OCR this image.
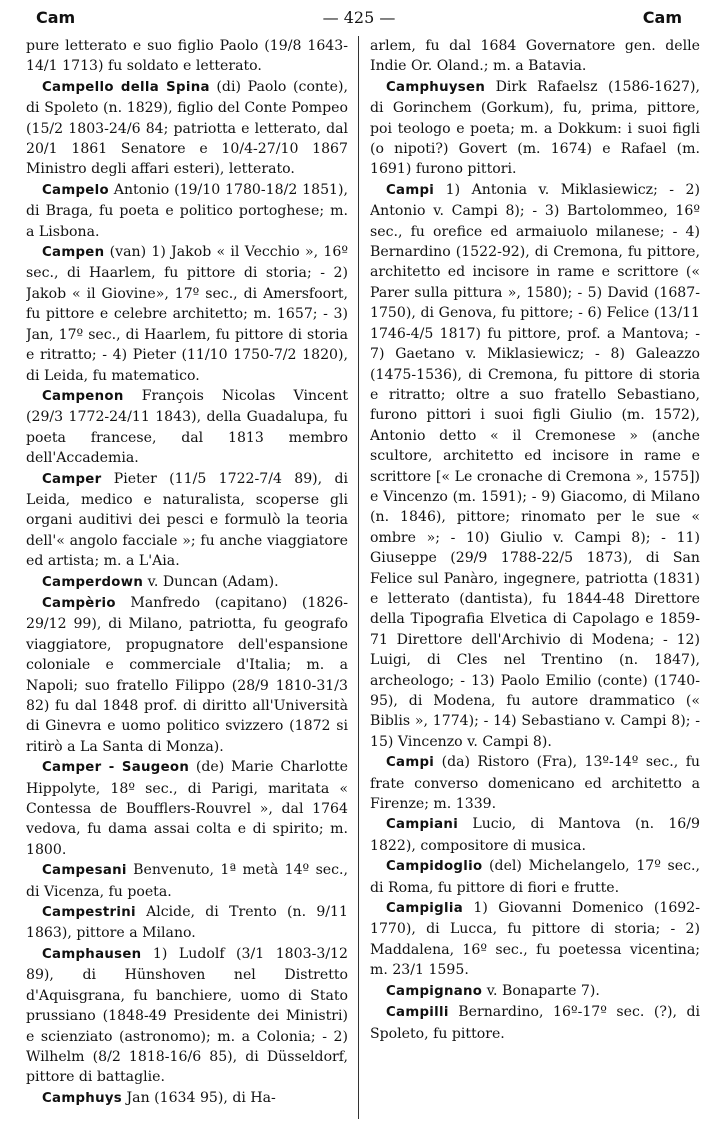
Cam	— 425 —	Cam

pure letterato e suo figlio Paolo (19/8 1643-14/1 1713) fu soldato e letterato.

Campello della Spina (di) Paolo (conte), di Spoleto (n. 1829), figlio del Conte Pompeo (15/2 1803-24/6 84; patriotta e letterato, dal 20/1 1861 Senatore e 10/4-27/10 1867 Ministro degli affari esteri), letterato.

Campelo Antonio (19/10 1780-18/2 1851), di Braga, fu poeta e politico portoghese; m. a Lisbona.

Campen (van) 1) Jakob « il Vecchio », 16º sec., di Haarlem, fu pittore di storia; - 2) Jakob « il Giovine», 17º sec., di Amersfoort, fu pittore e celebre architetto; m. 1657; - 3) Jan, 17º sec., di Haarlem, fu pittore di storia e ritratto; - 4) Pieter (11/10 1750-7/2 1820), di Leida, fu matematico.

Campenon François Nicolas Vincent (29/3 1772-24/11 1843), della Guadalupa, fu poeta francese, dal 1813 membro dell'Accademia.

Camper Pieter (11/5 1722-7/4 89), di Leida, medico e naturalista, scoperse gli organi auditivi dei pesci e formulò la teoria dell'« angolo facciale »; fu anche viaggiatore ed artista; m. a L'Aia.

Camperdown v. Duncan (Adam).

Campèrio Manfredo (capitano) (1826-29/12 99), di Milano, patriotta, fu geografo viaggiatore, propugnatore dell'espansione coloniale e commerciale d'Italia; m. a Napoli; suo fratello Filippo (28/9 1810-31/3 82) fu dal 1848 prof. di diritto all'Università di Ginevra e uomo politico svizzero (1872 si ritirò a La Santa di Monza).

Camper - Saugeon (de) Marie Charlotte Hippolyte, 18º sec., di Parigi, maritata « Contessa de Boufflers-Rouvrel », dal 1764 vedova, fu dama assai colta e di spirito; m. 1800.

Campesani Benvenuto, 1ª metà 14º sec., di Vicenza, fu poeta.

Campestrini Alcide, di Trento (n. 9/11 1863), pittore a Milano.

Camphausen 1) Ludolf (3/1 1803-3/12 89), di Hünshoven nel Distretto d'Aquisgrana, fu banchiere, uomo di Stato prussiano (1848-49 Presidente dei Ministri) e scienziato (astronomo); m. a Colonia; - 2) Wilhelm (8/2 1818-16/6 85), di Düsseldorf, pittore di battaglie.

Camphuys Jan (1634 95), di Ha-

arlem, fu dal 1684 Governatore gen. delle Indie Or. Oland.; m. a Batavia.

Camphuysen Dirk Rafaelsz (1586-1627), di Gorinchem (Gorkum), fu, prima, pittore, poi teologo e poeta; m. a Dokkum: i suoi figli (o nipoti?) Govert (m. 1674) e Rafael (m. 1691) furono pittori.

Campi 1) Antonia v. Miklasiewicz; - 2) Antonio v. Campi 8); - 3) Bartolommeo, 16º sec., fu orefice ed armaiuolo milanese; - 4) Bernardino (1522-92), di Cremona, fu pittore, architetto ed incisore in rame e scrittore (« Parer sulla pittura », 1580); - 5) David (1687-1750), di Genova, fu pittore; - 6) Felice (13/11 1746-4/5 1817) fu pittore, prof. a Mantova; - 7) Gaetano v. Miklasiewicz; - 8) Galeazzo (1475-1536), di Cremona, fu pittore di storia e ritratto; oltre a suo fratello Sebastiano, furono pittori i suoi figli Giulio (m. 1572), Antonio detto « il Cremonese » (anche scultore, architetto ed incisore in rame e scrittore [« Le cronache di Cremona », 1575]) e Vincenzo (m. 1591); - 9) Giacomo, di Milano (n. 1846), pittore; rinomato per le sue « ombre »; - 10) Giulio v. Campi 8); - 11) Giuseppe (29/9 1788-22/5 1873), di San Felice sul Panàro, ingegnere, patriotta (1831) e letterato (dantista), fu 1844-48 Direttore della Tipografia Elvetica di Capolago e 1859-71 Direttore dell'Archivio di Modena; - 12) Luigi, di Cles nel Trentino (n. 1847), archeologo; - 13) Paolo Emilio (conte) (1740-95), di Modena, fu autore drammatico (« Biblis », 1774); - 14) Sebastiano v. Campi 8); - 15) Vincenzo v. Campi 8).

Campi (da) Ristoro (Fra), 13º-14º sec., fu frate converso domenicano ed architetto a Firenze; m. 1339.

Campiani Lucio, di Mantova (n. 16/9 1822), compositore di musica.

Campidoglio (del) Michelangelo, 17º sec., di Roma, fu pittore di fiori e frutte.

Campiglia 1) Giovanni Domenico (1692-1770), di Lucca, fu pittore di storia; - 2) Maddalena, 16º sec., fu poetessa vicentina; m. 23/1 1595.

Campignano v. Bonaparte 7).

Campilli Bernardino, 16º-17º sec. (?), di Spoleto, fu pittore.
